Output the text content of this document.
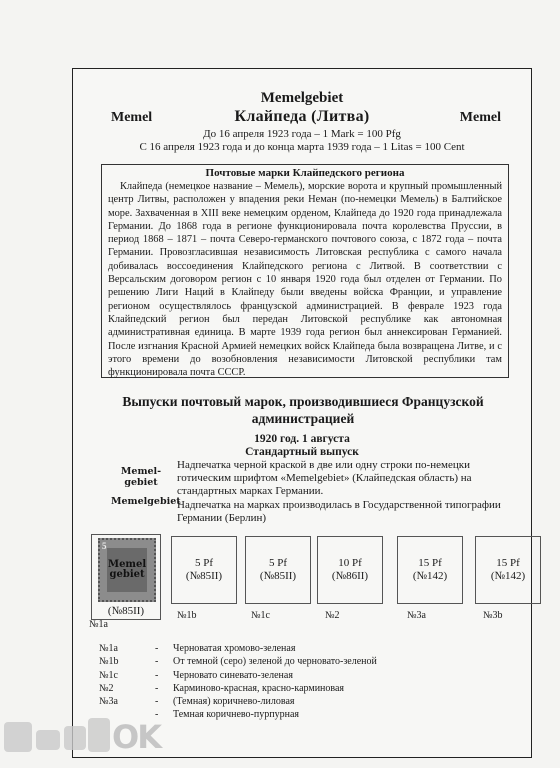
Memel	Memel
Memelgebiet
Клайпеда (Литва)
До 16 апреля 1923 года – 1 Mark = 100 Pfg
С 16 апреля 1923 года и до конца марта 1939 года – 1 Litas = 100 Cent
Почтовые марки Клайпедского региона

Клайпеда (немецкое название – Мемель), морские ворота и крупный промышленный центр Литвы, расположен у впадения реки Неман (по-немецки Мемель) в Балтийское море. Захваченная в XIII веке немецким орденом, Клайпеда до 1920 года принадлежала Германии. До 1868 года в регионе функционировала почта королевства Пруссии, в период 1868 – 1871 – почта Северо-германского почтового союза, с 1872 года – почта Германии. Провозгласившая независимость Литовская республика с самого начала добивалась воссоединения Клайпедского региона с Литвой. В соответствии с Версальским договором регион с 10 января 1920 года был отделен от Германии. По решению Лиги Наций в Клайпеду были введены войска Франции, и управление регионом осуществлялось французской администрацией. В феврале 1923 года Клайпедский регион был передан Литовской республике как автономная административная единица. В марте 1939 года регион был аннексирован Германией. После изгнания Красной Армией немецких войск Клайпеда была возвращена Литве, и с этого времени до возобновления независимости Литовской республики там функционировала почта СССР.

Выпуски почтовый марок, производившиеся Французской администрацией
1920 год. 1 августа
Стандартный выпуск
Memel-
gebiet
Memelgebiet

Надпечатка черной краской в две или одну строки по-немецки готическим шрифтом «Memelgebiet» (Клайпедская область) на стандартных марках Германии.

Надпечатка на марках производилась в Государственной типографии Германии (Берлин)

5
Memel
gebiet
(№85II)
5 Pf
(№85II)
5 Pf
(№85II)
10 Pf
(№86II)
15 Pf
(№142)
15 Pf
(№142)
№1a
№1b	№1c	№2	№3a	№3b
№1a	-	Черноватая хромово-зеленая
№1b	-	От темной (серо) зеленой до черновато-зеленой
№1c	-	Черновато синевато-зеленая
№2	-	Карминово-красная, красно-карминовая
№3a	-	(Темная) коричнево-лиловая
-	Темная коричнево-пурпурная
OK
